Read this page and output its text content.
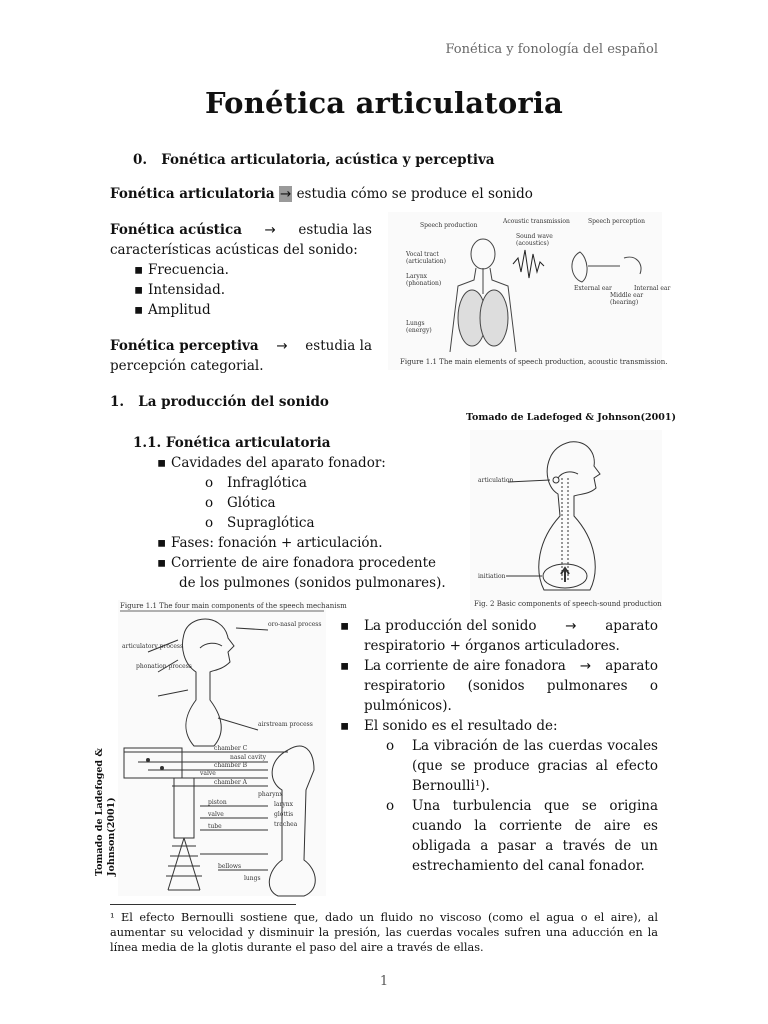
Fonética y fonología del español
Fonética articulatoria
0. Fonética articulatoria, acústica y perceptiva
Fonética articulatoria → estudia cómo se produce el sonido
Fonética acústica → estudia las
características acústicas del sonido:
▪ Frecuencia.
▪ Intensidad.
▪ Amplitud
Fonética perceptiva → estudia la
percepción categorial.
Speech production
Acoustic transmission	Speech perception
Vocal tract
(articulation)
Larynx
(phonation)
Lungs
(energy)
Sound wave
(acoustics)
External ear
Middle ear
(hearing)
Internal ear
Figure 1.1 The main elements of speech production, acoustic transmission.
1. La producción del sonido
Tomado de Ladefoged & Johnson(2001)
1.1. Fonética articulatoria
▪ Cavidades del aparato fonador:
o Infraglótica
o Glótica
o Supraglótica
▪ Fases: fonación + articulación.
▪ Corriente de aire fonadora procedente
de los pulmones (sonidos pulmonares).
articulation
initiation
Fig. 2 Basic components of speech-sound production
Figure 1.1 The four main components of the speech mechanism
oro-nasal process
articulatory process
phonation process
airstream process
chamber C
nasal cavity
chamber B
valve
chamber A
piston
valve
tube
bellows
larynx
glottis
trachea
pharynx
lungs
Tomado de Ladefoged & Johnson(2001)
▪	La producción del sonido → aparato
respiratorio + órganos articuladores.
▪	La corriente de aire fonadora → aparato
respiratorio (sonidos pulmonares o
pulmónicos).
▪	El sonido es el resultado de:
o	La vibración de las cuerdas vocales
(que se produce gracias al efecto
Bernoulli¹).
o	Una turbulencia que se origina
cuando la corriente de aire es
obligada a pasar a través de un
estrechamiento del canal fonador.
¹ El efecto Bernoulli sostiene que, dado un fluido no viscoso (como el agua o el aire), al aumentar su velocidad y disminuir la presión, las cuerdas vocales sufren una aducción en la línea media de la glotis durante el paso del aire a través de ellas.
1
